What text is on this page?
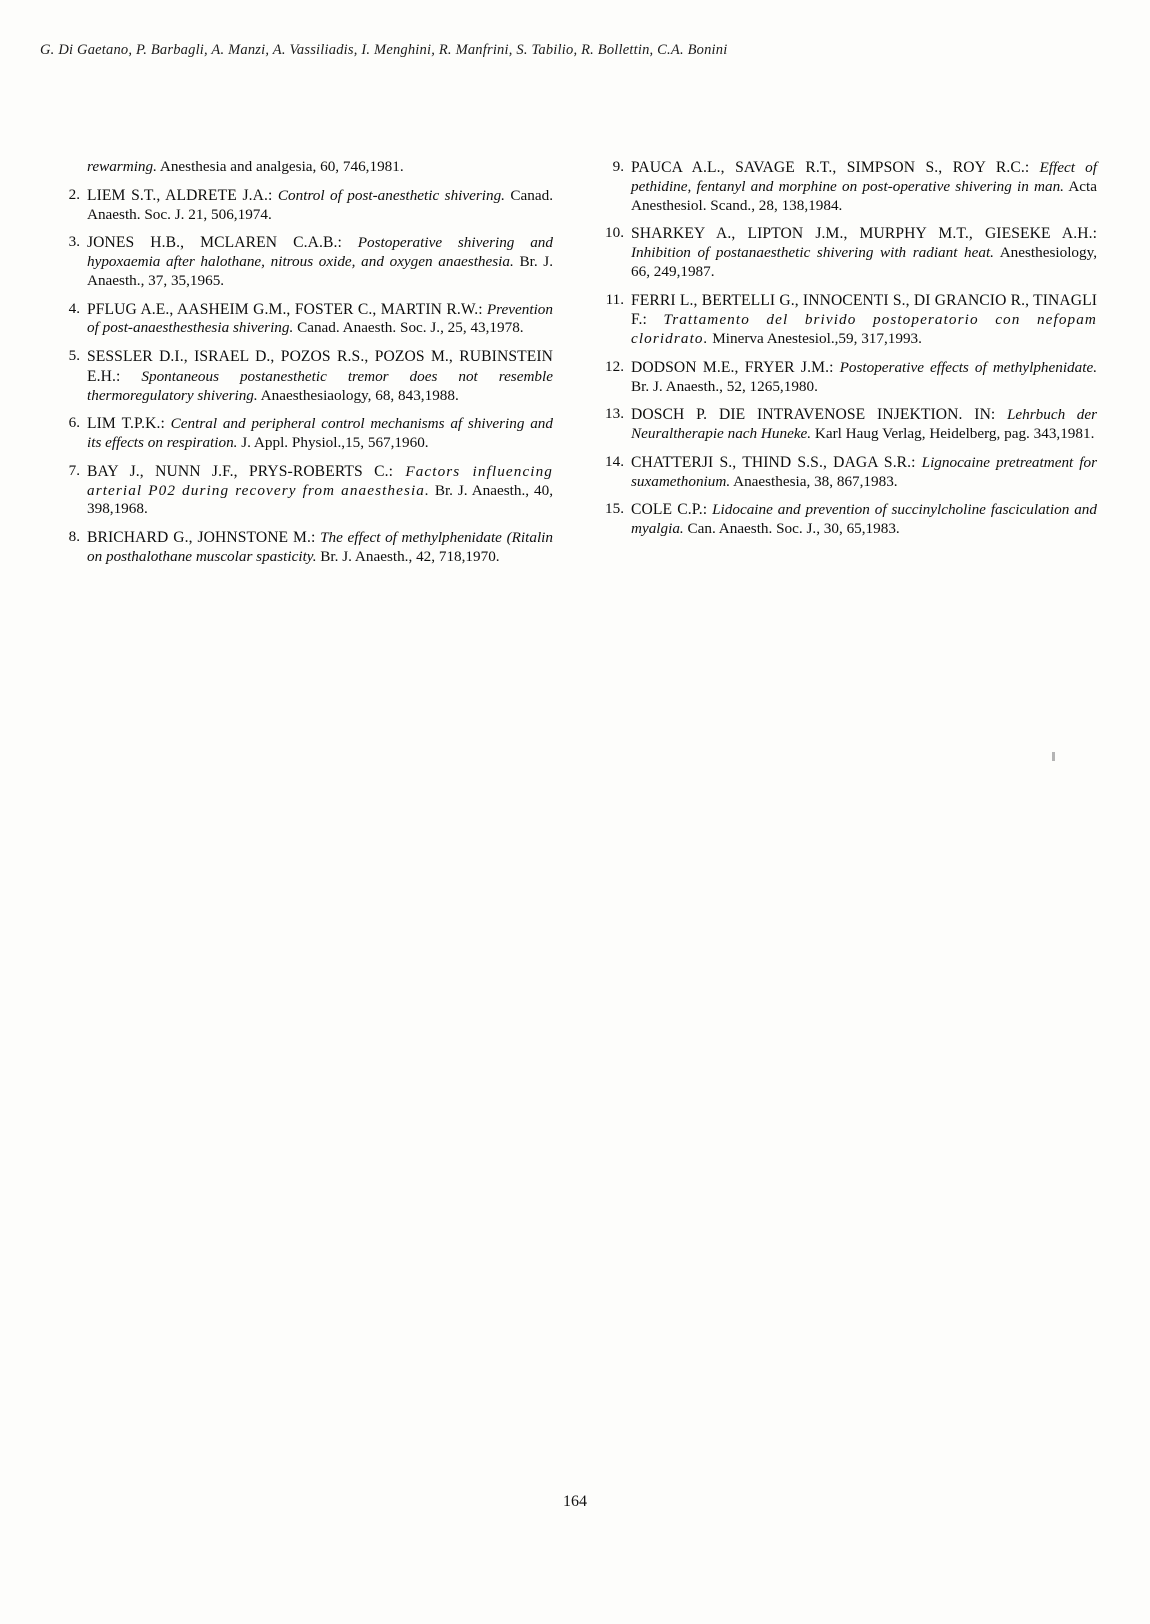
G. Di Gaetano, P. Barbagli, A. Manzi, A. Vassiliadis, I. Menghini, R. Manfrini, S. Tabilio, R. Bollettin, C.A. Bonini
rewarming. Anesthesia and analgesia, 60, 746,1981.
2. LIEM S.T., ALDRETE J.A.: Control of post-anesthetic shivering. Canad. Anaesth. Soc. J. 21, 506,1974.
3. JONES H.B., MCLAREN C.A.B.: Postoperative shivering and hypoxaemia after halothane, nitrous oxide, and oxygen anaesthesia. Br. J. Anaesth., 37, 35,1965.
4. PFLUG A.E., AASHEIM G.M., FOSTER C., MARTIN R.W.: Prevention of post-anaesthesthesia shivering. Canad. Anaesth. Soc. J., 25, 43,1978.
5. SESSLER D.I., ISRAEL D., POZOS R.S., POZOS M., RUBINSTEIN E.H.: Spontaneous postanesthetic tremor does not resemble thermoregulatory shivering. Anaesthesiaology, 68, 843,1988.
6. LIM T.P.K.: Central and peripheral control mechanisms af shivering and its effects on respiration. J. Appl. Physiol.,15, 567,1960.
7. BAY J., NUNN J.F., PRYS-ROBERTS C.: Factors influencing arterial P02 during recovery from anaesthesia. Br. J. Anaesth., 40, 398,1968.
8. BRICHARD G., JOHNSTONE M.: The effect of methylphenidate (Ritalin on posthalothane muscolar spasticity. Br. J. Anaesth., 42, 718,1970.
9. PAUCA A.L., SAVAGE R.T., SIMPSON S., ROY R.C.: Effect of pethidine, fentanyl and morphine on post-operative shivering in man. Acta Anesthesiol. Scand., 28, 138,1984.
10. SHARKEY A., LIPTON J.M., MURPHY M.T., GIESEKE A.H.: Inhibition of postanaesthetic shivering with radiant heat. Anesthesiology, 66, 249,1987.
11. FERRI L., BERTELLI G., INNOCENTI S., DI GRANCIO R., TINAGLI F.: Trattamento del brivido postoperatorio con nefopam cloridrato. Minerva Anestesiol.,59, 317,1993.
12. DODSON M.E., FRYER J.M.: Postoperative effects of methylphenidate. Br. J. Anaesth., 52, 1265,1980.
13. DOSCH P. DIE INTRAVENOSE INJEKTION. IN: Lehrbuch der Neuraltherapie nach Huneke. Karl Haug Verlag, Heidelberg, pag. 343,1981.
14. CHATTERJI S., THIND S.S., DAGA S.R.: Lignocaine pretreatment for suxamethonium. Anaesthesia, 38, 867,1983.
15. COLE C.P.: Lidocaine and prevention of succinylcholine fasciculation and myalgia. Can. Anaesth. Soc. J., 30, 65,1983.
164
